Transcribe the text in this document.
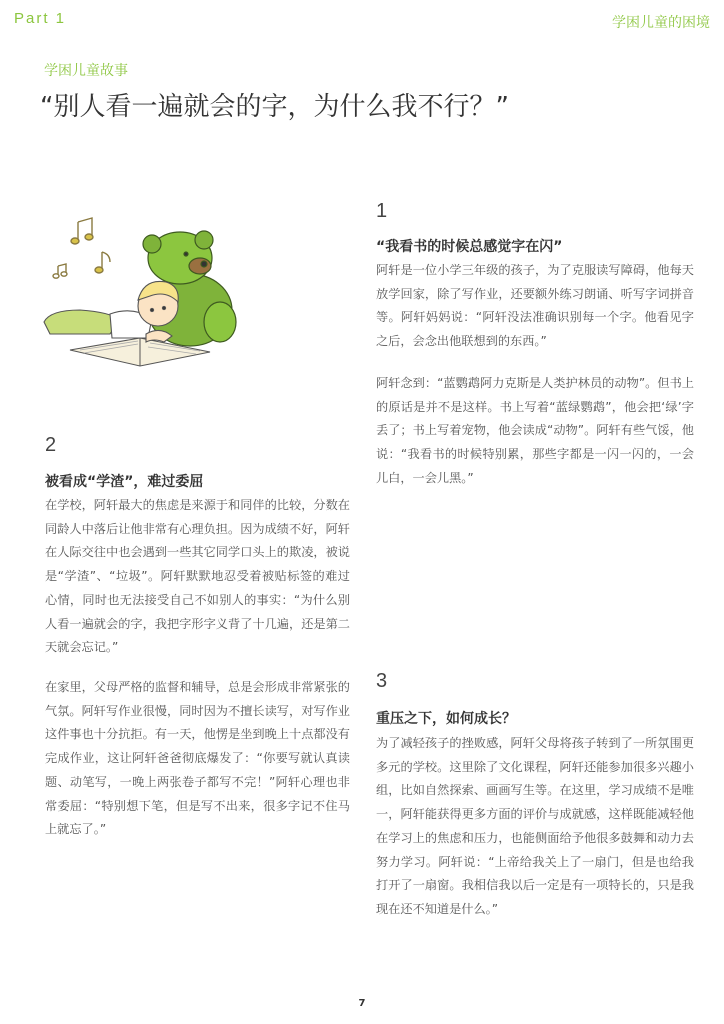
Part 1	学困儿童的困境
学困儿童故事
“别人看一遍就会的字，为什么我不行？”
1
“我看书的时候总感觉字在闪”

阿轩是一位小学三年级的孩子，为了克服读写障碍，他每天放学回家，除了写作业，还要额外练习朗诵、听写字词拼音等。阿轩妈妈说：“阿轩没法准确识别每一个字。他看见字之后，会念出他联想到的东西。”

阿轩念到：“蓝鹦鹉阿力克斯是人类护林员的动物”。但书上的原话是并不是这样。书上写着“蓝绿鹦鹉”，他会把‘绿’字丢了；书上写着宠物，他会读成“动物”。阿轩有些气馁，他说：“我看书的时候特别累，那些字都是一闪一闪的，一会儿白，一会儿黑。”

2
被看成“学渣”，难过委屈

在学校，阿轩最大的焦虑是来源于和同伴的比较，分数在同龄人中落后让他非常有心理负担。因为成绩不好，阿轩在人际交往中也会遇到一些其它同学口头上的欺凌，被说是“学渣”、“垃圾”。阿轩默默地忍受着被贴标签的难过心情，同时也无法接受自己不如别人的事实：“为什么别人看一遍就会的字，我把字形字义背了十几遍，还是第二天就会忘记。”

在家里，父母严格的监督和辅导，总是会形成非常紧张的气氛。阿轩写作业很慢，同时因为不擅长读写，对写作业这件事也十分抗拒。有一天，他愣是坐到晚上十点都没有完成作业，这让阿轩爸爸彻底爆发了：“你要写就认真读题、动笔写，一晚上两张卷子都写不完！”阿轩心理也非常委屈：“特别想下笔，但是写不出来，很多字记不住马上就忘了。”

3
重压之下，如何成长？

为了减轻孩子的挫败感，阿轩父母将孩子转到了一所氛围更多元的学校。这里除了文化课程，阿轩还能参加很多兴趣小组，比如自然探索、画画写生等。在这里，学习成绩不是唯一，阿轩能获得更多方面的评价与成就感，这样既能减轻他在学习上的焦虑和压力，也能侧面给予他很多鼓舞和动力去努力学习。阿轩说：“上帝给我关上了一扇门，但是也给我打开了一扇窗。我相信我以后一定是有一项特长的，只是我现在还不知道是什么。”

7
